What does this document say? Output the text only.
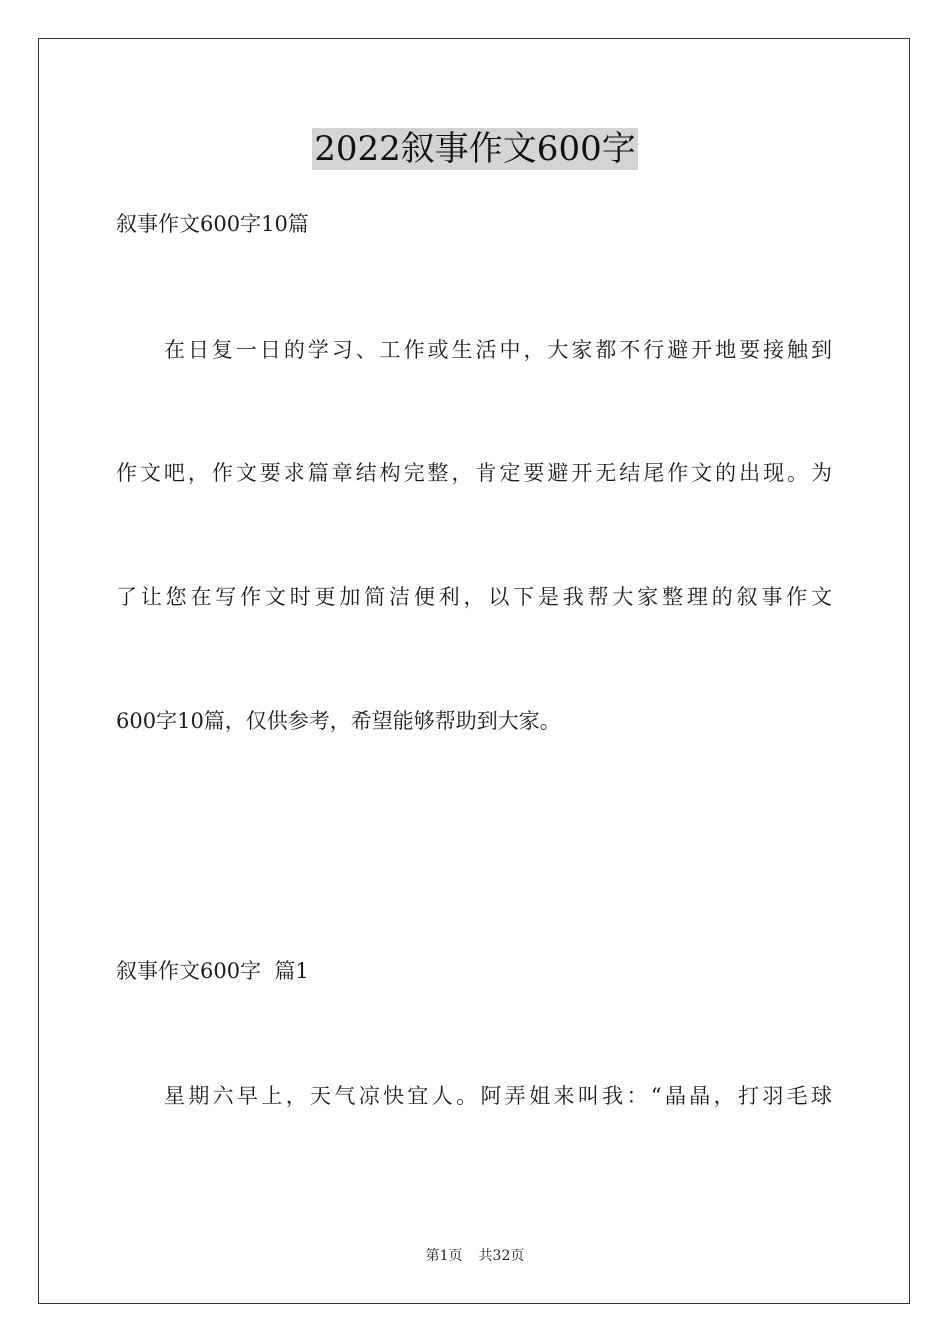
2022叙事作文600字
叙事作文600字10篇
在日复一日的学习、工作或生活中，大家都不行避开地要接触到
作文吧，作文要求篇章结构完整，肯定要避开无结尾作文的出现。为
了让您在写作文时更加简洁便利，以下是我帮大家整理的叙事作文
600字10篇，仅供参考，希望能够帮助到大家。
叙事作文600字  篇1
星期六早上，天气凉快宜人。阿弄姐来叫我：“晶晶，打羽毛球
第1页 共32页
